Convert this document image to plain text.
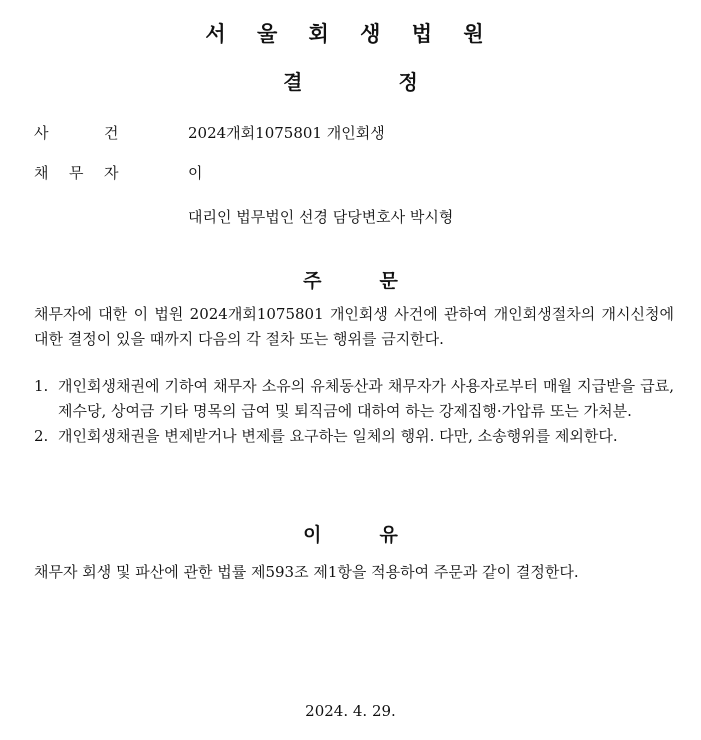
서 울 회 생 법 원
결	정
사	건	2024개회1075801 개인회생
채 무 자	이
대리인 법무법인 선경 담당변호사 박시형
주	문
채무자에 대한 이 법원 2024개회1075801 개인회생 사건에 관하여 개인회생절차의 개시신청에 대한 결정이 있을 때까지 다음의 각 절차 또는 행위를 금지한다.
1. 개인회생채권에 기하여 채무자 소유의 유체동산과 채무자가 사용자로부터 매월 지급받을 급료, 제수당, 상여금 기타 명목의 급여 및 퇴직금에 대하여 하는 강제집행·가압류 또는 가처분.
2. 개인회생채권을 변제받거나 변제를 요구하는 일체의 행위. 다만, 소송행위를 제외한다.
이	유
채무자 회생 및 파산에 관한 법률 제593조 제1항을 적용하여 주문과 같이 결정한다.
2024. 4. 29.
